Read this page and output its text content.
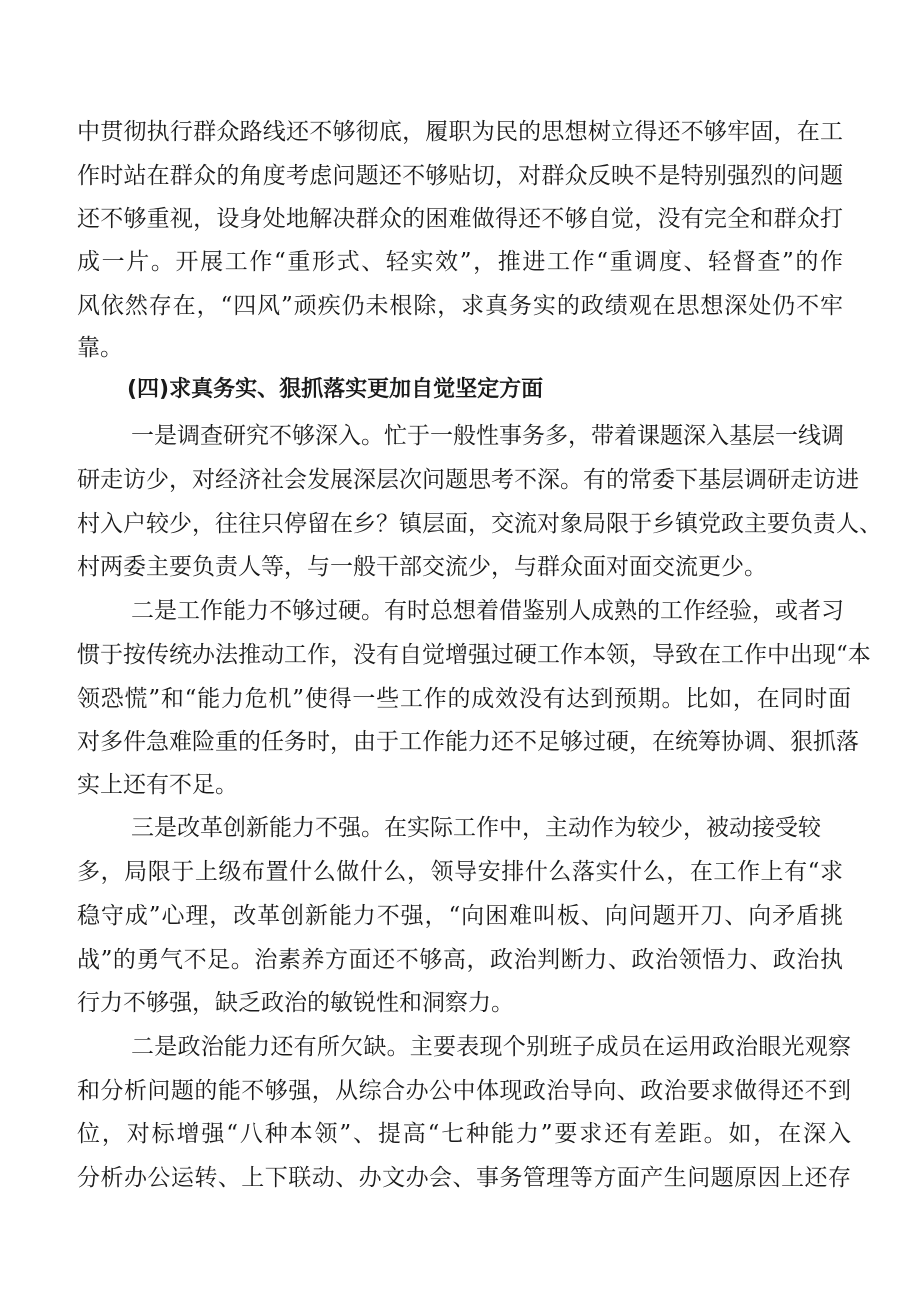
中贯彻执行群众路线还不够彻底，履职为民的思想树立得还不够牢固，在工
作时站在群众的角度考虑问题还不够贴切，对群众反映不是特别强烈的问题
还不够重视，设身处地解决群众的困难做得还不够自觉，没有完全和群众打
成一片。开展工作“重形式、轻实效”，推进工作“重调度、轻督查”的作
风依然存在，“四风”顽疾仍未根除，求真务实的政绩观在思想深处仍不牢
靠。
(四)求真务实、狠抓落实更加自觉坚定方面
一是调查研究不够深入。忙于一般性事务多，带着课题深入基层一线调
研走访少，对经济社会发展深层次问题思考不深。有的常委下基层调研走访进
村入户较少，往往只停留在乡？镇层面，交流对象局限于乡镇党政主要负责人、
村两委主要负责人等，与一般干部交流少，与群众面对面交流更少。
二是工作能力不够过硬。有时总想着借鉴别人成熟的工作经验，或者习
惯于按传统办法推动工作，没有自觉增强过硬工作本领，导致在工作中出现“本
领恐慌”和“能力危机”使得一些工作的成效没有达到预期。比如，在同时面
对多件急难险重的任务时，由于工作能力还不足够过硬，在统筹协调、狠抓落
实上还有不足。
三是改革创新能力不强。在实际工作中，主动作为较少，被动接受较
多，局限于上级布置什么做什么，领导安排什么落实什么，在工作上有“求
稳守成”心理，改革创新能力不强，“向困难叫板、向问题开刀、向矛盾挑
战”的勇气不足。治素养方面还不够高，政治判断力、政治领悟力、政治执
行力不够强，缺乏政治的敏锐性和洞察力。
二是政治能力还有所欠缺。主要表现个别班子成员在运用政治眼光观察
和分析问题的能不够强，从综合办公中体现政治导向、政治要求做得还不到
位，对标增强“八种本领”、提高“七种能力”要求还有差距。如，在深入
分析办公运转、上下联动、办文办会、事务管理等方面产生问题原因上还存
